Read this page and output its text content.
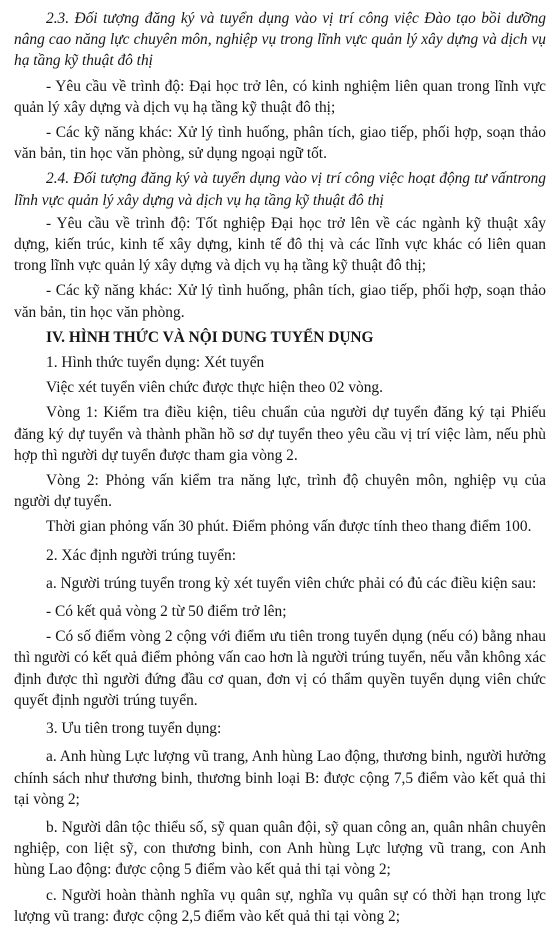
2.3. Đối tượng đăng ký và tuyển dụng vào vị trí công việc Đào tạo bồi dưỡng nâng cao năng lực chuyên môn, nghiệp vụ trong lĩnh vực quản lý xây dựng và dịch vụ hạ tầng kỹ thuật đô thị

- Yêu cầu về trình độ: Đại học trở lên, có kinh nghiệm liên quan trong lĩnh vực quản lý xây dựng và dịch vụ hạ tầng kỹ thuật đô thị;

- Các kỹ năng khác: Xử lý tình huống, phân tích, giao tiếp, phối hợp, soạn thảo văn bản, tin học văn phòng, sử dụng ngoại ngữ tốt.

2.4. Đối tượng đăng ký và tuyển dụng vào vị trí công việc hoạt động tư vấntrong lĩnh vực quản lý xây dựng và dịch vụ hạ tầng kỹ thuật đô thị

- Yêu cầu về trình độ: Tốt nghiệp Đại học trở lên về các ngành kỹ thuật xây dựng, kiến trúc, kinh tế xây dựng, kinh tế đô thị và các lĩnh vực khác có liên quan trong lĩnh vực quản lý xây dựng và dịch vụ hạ tầng kỹ thuật đô thị;

- Các kỹ năng khác: Xử lý tình huống, phân tích, giao tiếp, phối hợp, soạn thảo văn bản, tin học văn phòng.

IV. HÌNH THỨC VÀ NỘI DUNG TUYỂN DỤNG

1. Hình thức tuyển dụng: Xét tuyển

Việc xét tuyển viên chức được thực hiện theo 02 vòng.

Vòng 1: Kiểm tra điều kiện, tiêu chuẩn của người dự tuyển đăng ký tại Phiếu đăng ký dự tuyển và thành phần hồ sơ dự tuyển theo yêu cầu vị trí việc làm, nếu phù hợp thì người dự tuyển được tham gia vòng 2.

Vòng 2: Phỏng vấn kiểm tra năng lực, trình độ chuyên môn, nghiệp vụ của người dự tuyển.

Thời gian phỏng vấn 30 phút. Điểm phỏng vấn được tính theo thang điểm 100.

2. Xác định người trúng tuyển:

a. Người trúng tuyển trong kỳ xét tuyển viên chức phải có đủ các điều kiện sau:

- Có kết quả vòng 2 từ 50 điểm trở lên;

- Có số điểm vòng 2 cộng với điểm ưu tiên trong tuyển dụng (nếu có) bằng nhau thì người có kết quả điểm phỏng vấn cao hơn là người trúng tuyển, nếu vẫn không xác định được thì người đứng đầu cơ quan, đơn vị có thẩm quyền tuyển dụng viên chức quyết định người trúng tuyển.

3. Ưu tiên trong tuyển dụng:

a. Anh hùng Lực lượng vũ trang, Anh hùng Lao động, thương binh, người hưởng chính sách như thương binh, thương binh loại B: được cộng 7,5 điểm vào kết quả thi tại vòng 2;

b. Người dân tộc thiểu số, sỹ quan quân đội, sỹ quan công an, quân nhân chuyên nghiệp, con liệt sỹ, con thương binh, con Anh hùng Lực lượng vũ trang, con Anh hùng Lao động: được cộng 5 điểm vào kết quả thi tại vòng 2;

c. Người hoàn thành nghĩa vụ quân sự, nghĩa vụ quân sự có thời hạn trong lực lượng vũ trang: được cộng 2,5 điểm vào kết quả thi tại vòng 2;
